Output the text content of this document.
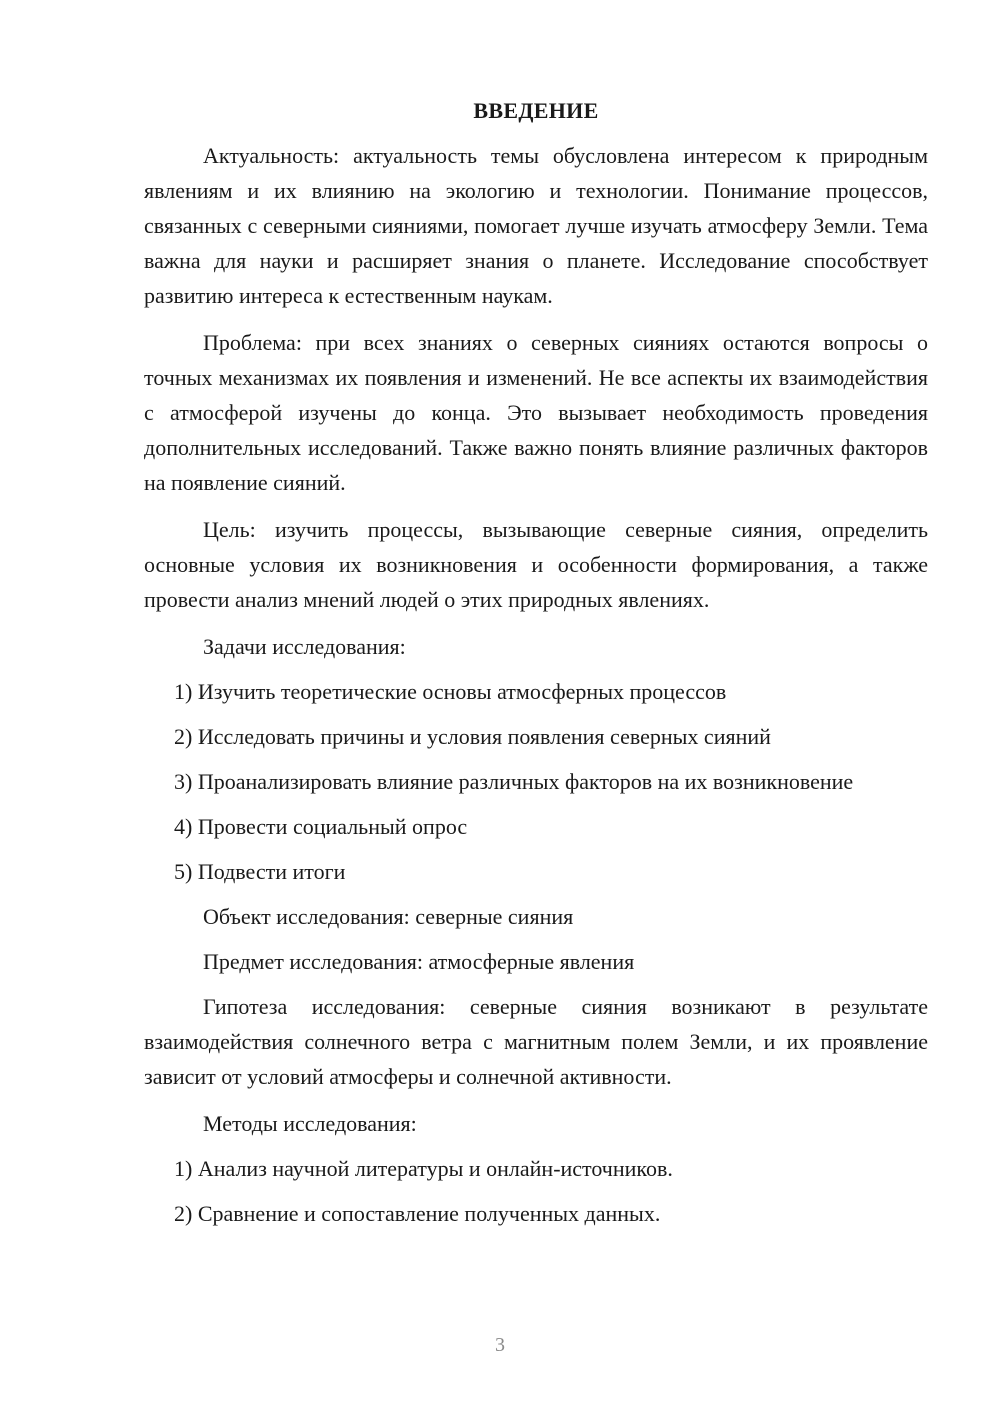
ВВЕДЕНИЕ

Актуальность: актуальность темы обусловлена интересом к природным явлениям и их влиянию на экологию и технологии. Понимание процессов, связанных с северными сияниями, помогает лучше изучать атмосферу Земли. Тема важна для науки и расширяет знания о планете. Исследование способствует развитию интереса к естественным наукам.

Проблема: при всех знаниях о северных сияниях остаются вопросы о точных механизмах их появления и изменений. Не все аспекты их взаимодействия с атмосферой изучены до конца. Это вызывает необходимость проведения дополнительных исследований. Также важно понять влияние различных факторов на появление сияний.

Цель: изучить процессы, вызывающие северные сияния, определить основные условия их возникновения и особенности формирования, а также провести анализ мнений людей о этих природных явлениях.

Задачи исследования:

1) Изучить теоретические основы атмосферных процессов

2) Исследовать причины и условия появления северных сияний

3) Проанализировать влияние различных факторов на их возникновение

4) Провести социальный опрос

5) Подвести итоги

Объект исследования: северные сияния

Предмет исследования: атмосферные явления

Гипотеза исследования: северные сияния возникают в результате взаимодействия солнечного ветра с магнитным полем Земли, и их проявление зависит от условий атмосферы и солнечной активности.

Методы исследования:

1) Анализ научной литературы и онлайн-источников.

2) Сравнение и сопоставление полученных данных.

3
